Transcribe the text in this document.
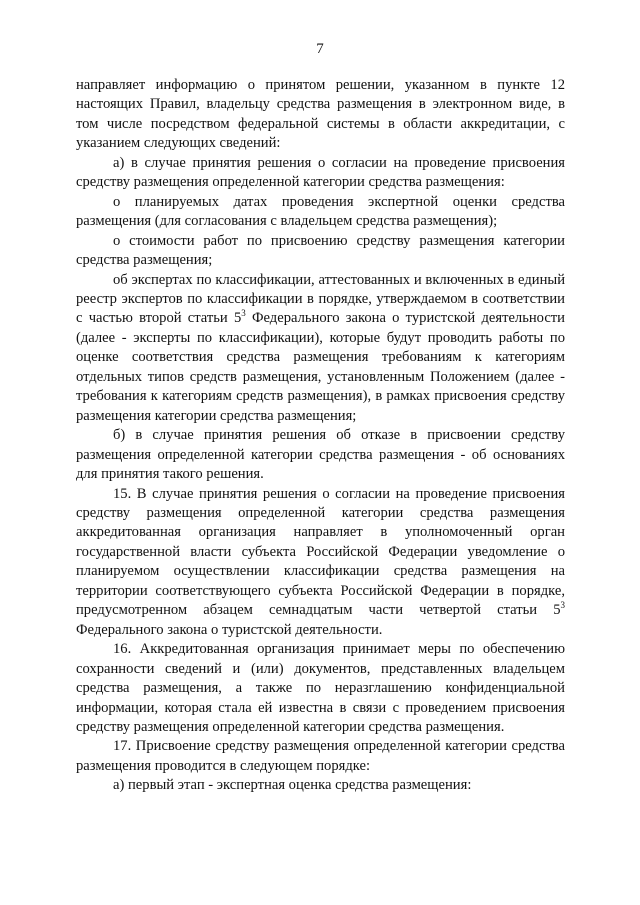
7

направляет информацию о принятом решении, указанном в пункте 12 настоящих Правил, владельцу средства размещения в электронном виде, в том числе посредством федеральной системы в области аккредитации, с указанием следующих сведений:

а) в случае принятия решения о согласии на проведение присвоения средству размещения определенной категории средства размещения:

о планируемых датах проведения экспертной оценки средства размещения (для согласования с владельцем средства размещения);

о стоимости работ по присвоению средству размещения категории средства размещения;

об экспертах по классификации, аттестованных и включенных в единый реестр экспертов по классификации в порядке, утверждаемом в соответствии с частью второй статьи $5^3$ Федерального закона о туристской деятельности (далее - эксперты по классификации), которые будут проводить работы по оценке соответствия средства размещения требованиям к категориям отдельных типов средств размещения, установленным Положением (далее - требования к категориям средств размещения), в рамках присвоения средству размещения категории средства размещения;

б) в случае принятия решения об отказе в присвоении средству размещения определенной категории средства размещения - об основаниях для принятия такого решения.

15. В случае принятия решения о согласии на проведение присвоения средству размещения определенной категории средства размещения аккредитованная организация направляет в уполномоченный орган государственной власти субъекта Российской Федерации уведомление о планируемом осуществлении классификации средства размещения на территории соответствующего субъекта Российской Федерации в порядке, предусмотренном абзацем семнадцатым части четвертой статьи $5^3$ Федерального закона о туристской деятельности.

16. Аккредитованная организация принимает меры по обеспечению сохранности сведений и (или) документов, представленных владельцем средства размещения, а также по неразглашению конфиденциальной информации, которая стала ей известна в связи с проведением присвоения средству размещения определенной категории средства размещения.

17. Присвоение средству размещения определенной категории средства размещения проводится в следующем порядке:

а) первый этап - экспертная оценка средства размещения:
